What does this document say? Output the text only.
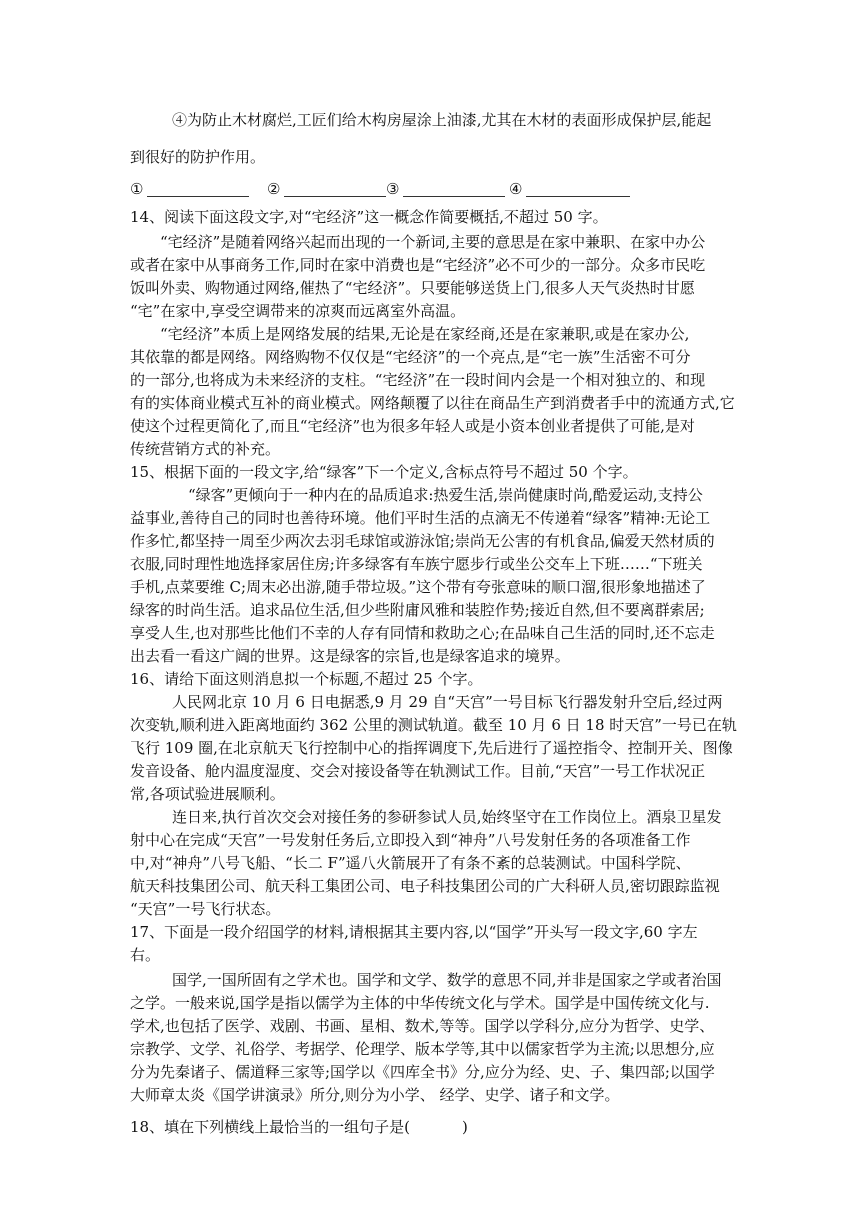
④为防止木材腐烂,工匠们给木构房屋涂上油漆,尤其在木材的表面形成保护层,能起
到很好的防护作用。
①	②	③	④
14、阅读下面这段文字,对“宅经济”这一概念作简要概括,不超过 50 字。
“宅经济”是随着网络兴起而出现的一个新词,主要的意思是在家中兼职、在家中办公
或者在家中从事商务工作,同时在家中消费也是“宅经济”必不可少的一部分。众多市民吃
饭叫外卖、购物通过网络,催热了“宅经济”。只要能够送货上门,很多人天气炎热时甘愿
“宅”在家中,享受空调带来的凉爽而远离室外高温。
“宅经济”本质上是网络发展的结果,无论是在家经商,还是在家兼职,或是在家办公,
其依靠的都是网络。网络购物不仅仅是“宅经济”的一个亮点,是“宅一族”生活密不可分
的一部分,也将成为未来经济的支柱。“宅经济”在一段时间内会是一个相对独立的、和现
有的实体商业模式互补的商业模式。网络颠覆了以往在商品生产到消费者手中的流通方式,它
使这个过程更简化了,而且“宅经济”也为很多年轻人或是小资本创业者提供了可能,是对
传统营销方式的补充。
15、根据下面的一段文字,给“绿客”下一个定义,含标点符号不超过 50 个字。
“绿客”更倾向于一种内在的品质追求:热爱生活,崇尚健康时尚,酷爱运动,支持公
益事业,善待自己的同时也善待环境。他们平时生活的点滴无不传递着“绿客”精神:无论工
作多忙,都坚持一周至少两次去羽毛球馆或游泳馆;崇尚无公害的有机食品,偏爱天然材质的
衣服,同时理性地选择家居住房;许多绿客有车族宁愿步行或坐公交车上下班……“下班关
手机,点菜要维 C;周末必出游,随手带垃圾。”这个带有夸张意味的顺口溜,很形象地描述了
绿客的时尚生活。追求品位生活,但少些附庸风雅和装腔作势;接近自然,但不要离群索居;
享受人生,也对那些比他们不幸的人存有同情和救助之心;在品味自己生活的同时,还不忘走
出去看一看这广阔的世界。这是绿客的宗旨,也是绿客追求的境界。
16、请给下面这则消息拟一个标题,不超过 25 个字。
人民网北京 10 月 6 日电据悉,9 月 29 自“天宫”一号目标飞行器发射升空后,经过两
次变轨,顺利进入距离地面约 362 公里的测试轨道。截至 10 月 6 日 18 时天宫”一号已在轨
飞行 109 圈,在北京航天飞行控制中心的指挥调度下,先后进行了遥控指令、控制开关、图像
发音设备、舱内温度湿度、交会对接设备等在轨测试工作。目前,“天宫”一号工作状况正
常,各项试验进展顺利。
连日来,执行首次交会对接任务的参研参试人员,始终坚守在工作岗位上。酒泉卫星发
射中心在完成“天宫”一号发射任务后,立即投入到“神舟”八号发射任务的各项准备工作
中,对“神舟”八号飞船、“长二 F”遥八火箭展开了有条不紊的总装测试。中国科学院、
航天科技集团公司、航天科工集团公司、电子科技集团公司的广大科研人员,密切跟踪监视
“天宫”一号飞行状态。
17、下面是一段介绍国学的材料,请根据其主要内容,以“国学”开头写一段文字,60 字左
右。
国学,一国所固有之学术也。国学和文学、数学的意思不同,并非是国家之学或者治国
之学。一般来说,国学是指以儒学为主体的中华传统文化与学术。国学是中国传统文化与.
学术,也包括了医学、戏剧、书画、星相、数术,等等。国学以学科分,应分为哲学、史学、
宗教学、文学、礼俗学、考据学、伦理学、版本学等,其中以儒家哲学为主流;以思想分,应
分为先秦诸子、儒道释三家等;国学以《四库全书》分,应分为经、史、子、集四部;以国学
大师章太炎《国学讲演录》所分,则分为小学、 经学、史学、诸子和文学。
18、填在下列横线上最恰当的一组句子是(	)
